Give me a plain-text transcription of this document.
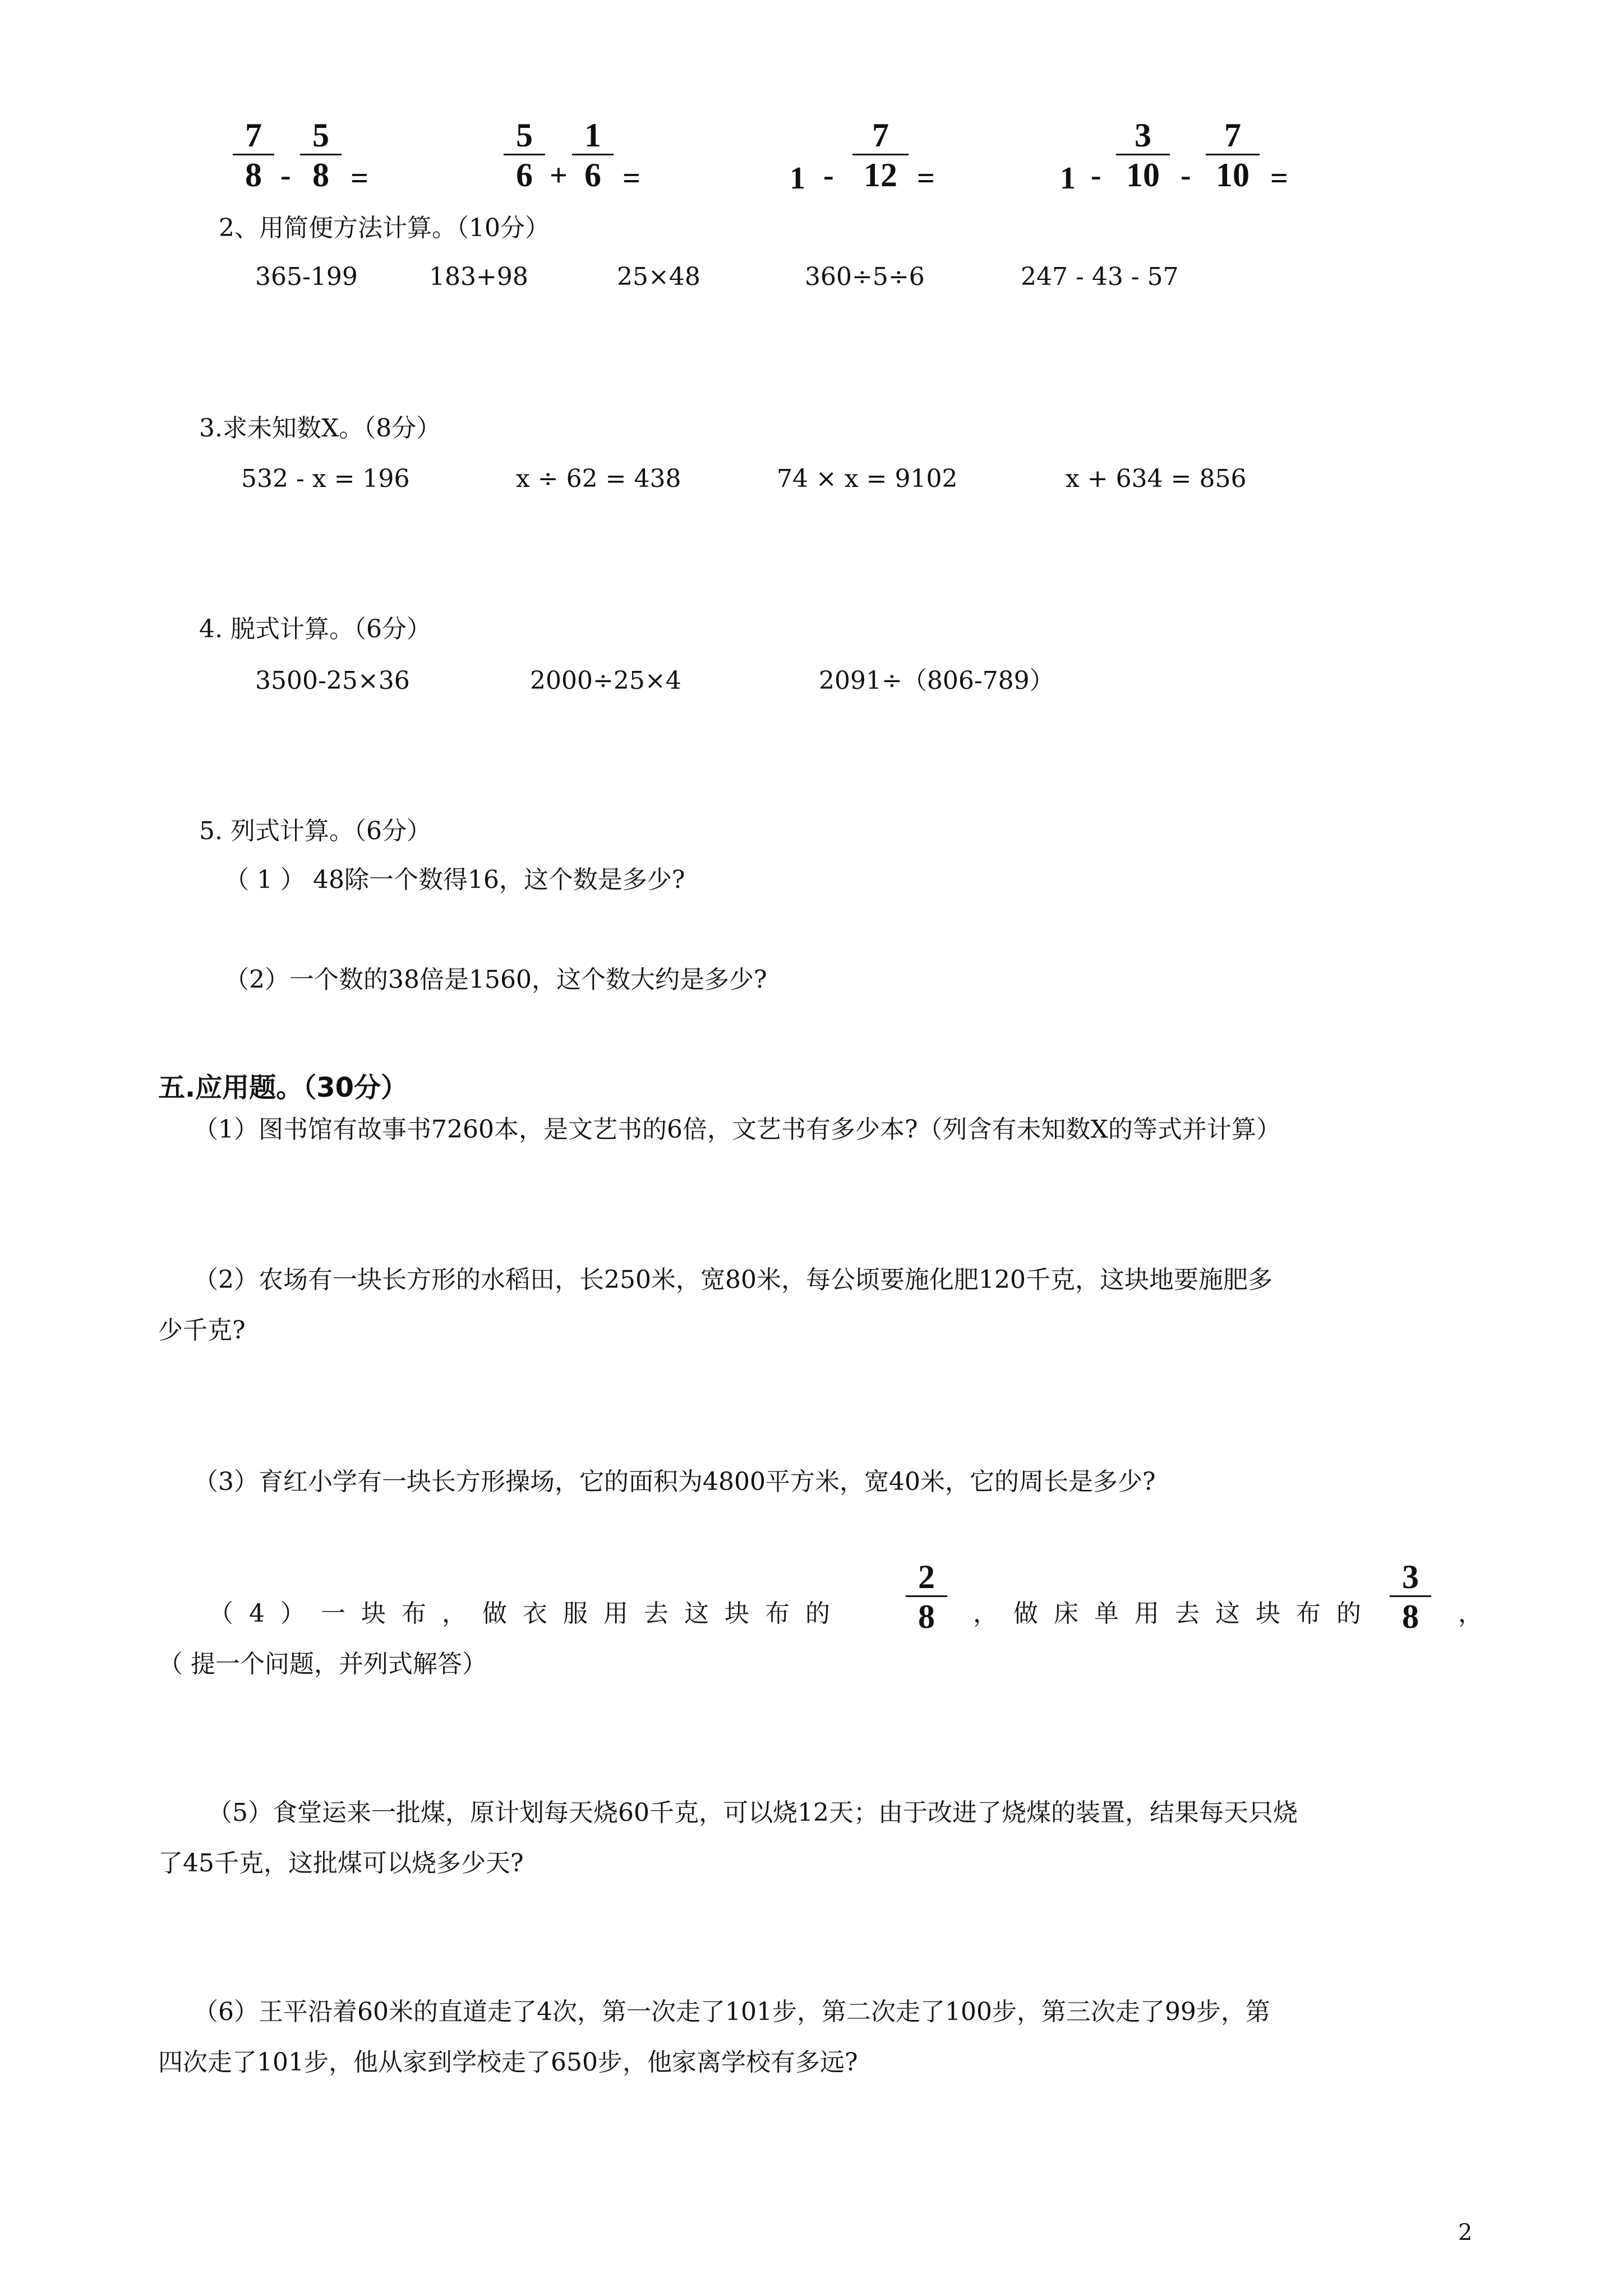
7
8 -
5
8 =
5
6 +
1
6 =	1 -
7
12 =	1 -
3
10 -
7
10 =
2、用简便方法计算。（10分）
365-199	183+98	25×48	360÷5÷6	247 - 43 - 57
3.求未知数X。（8分）
532 - x = 196	x ÷ 62 = 438	74 × x = 9102	x + 634 = 856
4. 脱式计算。（6分）
3500-25×36	2000÷25×4	2091÷（806-789）
5. 列式计算。（6分）
（ 1 ） 48除一个数得16，这个数是多少?
（2）一个数的38倍是1560，这个数大约是多少?
五.应用题。（30分）
（1）图书馆有故事书7260本，是文艺书的6倍，文艺书有多少本?（列含有未知数X的等式并计算）
（2）农场有一块长方形的水稻田，长250米，宽80米，每公顷要施化肥120千克，这块地要施肥多
少千克?
（3）育红小学有一块长方形操场，它的面积为4800平方米，宽40米，它的周长是多少?
（4）一块布，做衣服用去这块布的
2
8	，做床单用去这块布的
3
8	，
（ 提一个问题，并列式解答）
（5）食堂运来一批煤，原计划每天烧60千克，可以烧12天；由于改进了烧煤的装置，结果每天只烧
了45千克，这批煤可以烧多少天?
（6）王平沿着60米的直道走了4次，第一次走了101步，第二次走了100步，第三次走了99步，第
四次走了101步，他从家到学校走了650步，他家离学校有多远?
2
